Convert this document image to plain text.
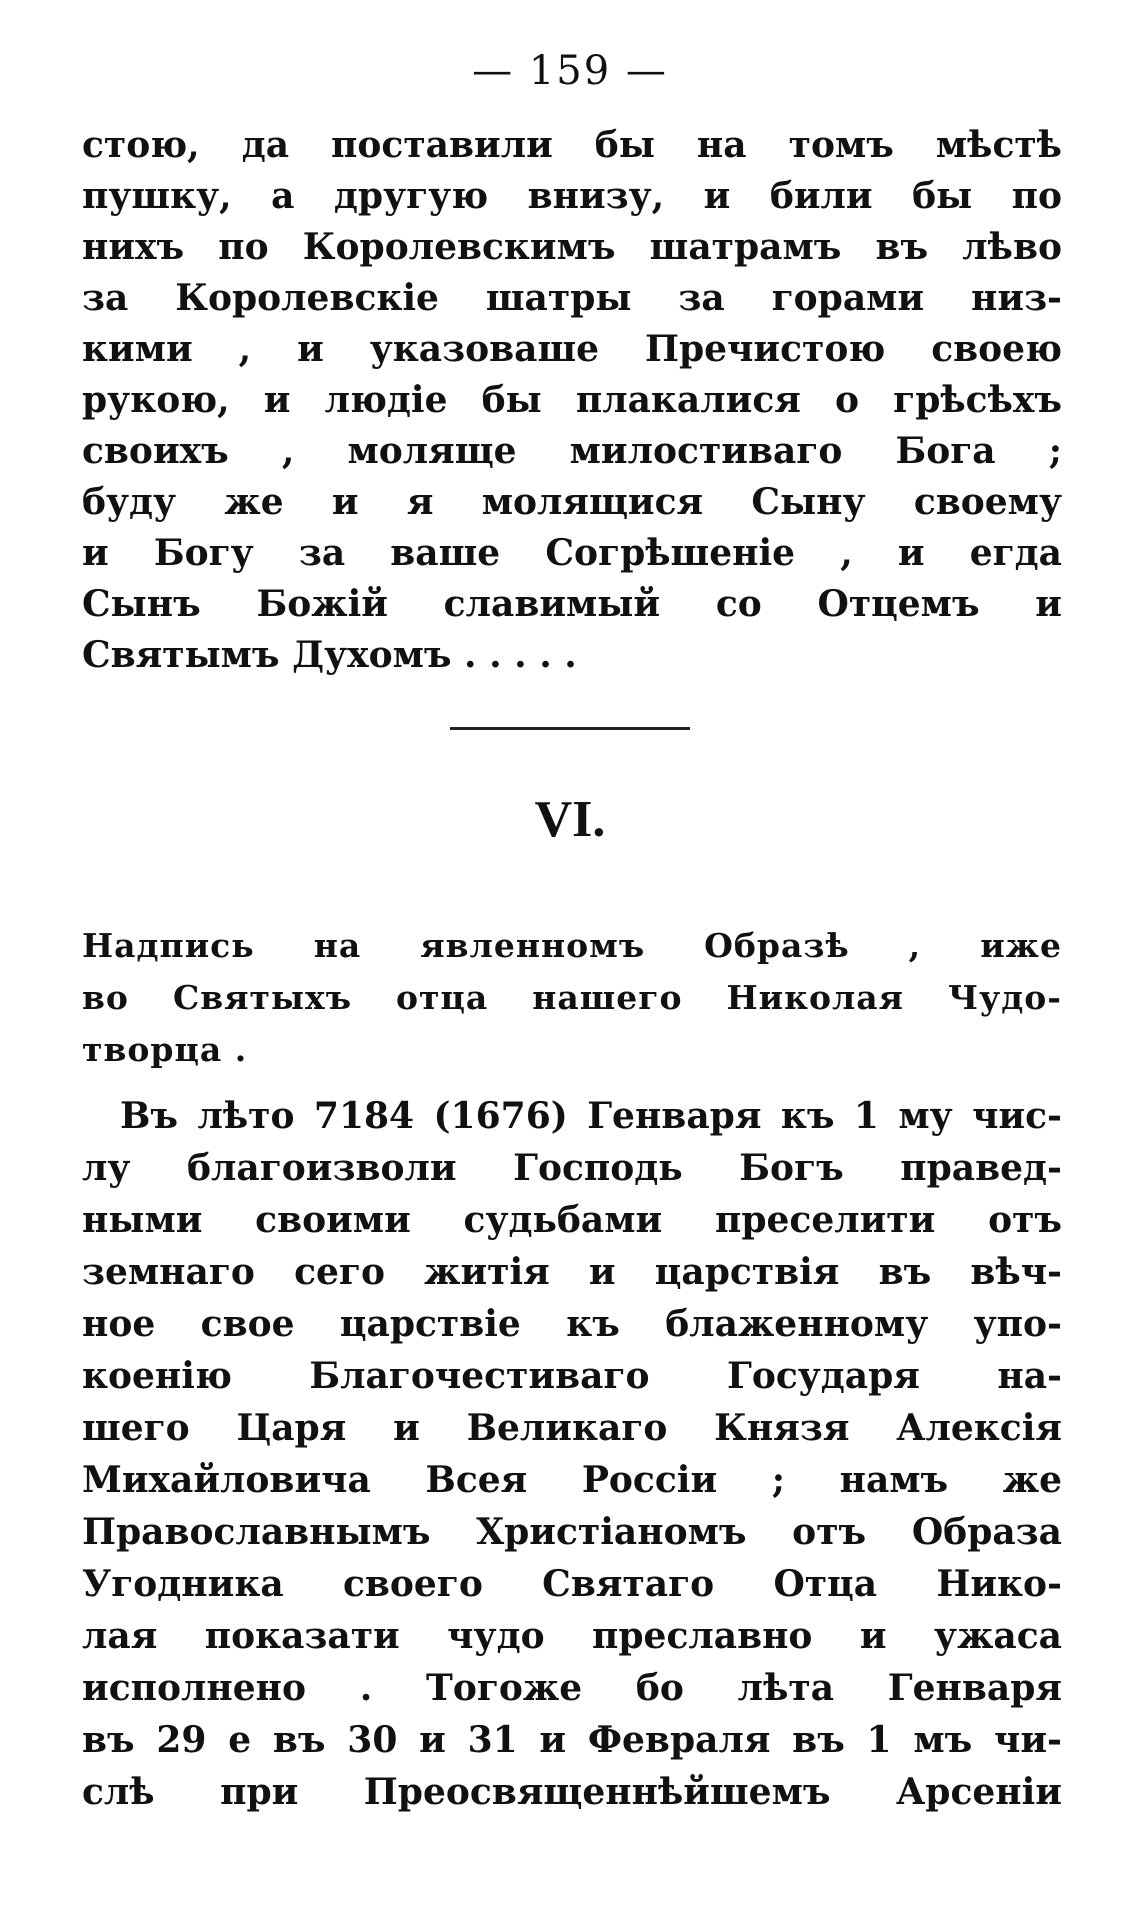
— 159 —
стою, да поставили бы на томъ мѣстѣ
пушку, а другую внизу, и били бы по
нихъ по Королевскимъ шатрамъ въ лѣво
за Королевскіе шатры за горами низ-
кими , и указоваше Пречистою своею
рукою, и людіе бы плакалися о грѣсѣхъ
своихъ , моляще милостиваго Бога ;
буду же и я молящися Сыну своему
и Богу за ваше Согрѣшеніе , и егда
Сынъ Божій славимый со Отцемъ и
Святымъ Духомъ . . . . .
VI.
Надпись на явленномъ Образѣ , иже
во Святыхъ отца нашего Николая Чудо-
творца .
Въ лѣто 7184 (1676) Генваря къ 1 му чис-
лу благоизволи Господь Богъ правед-
ными своими судьбами преселити отъ
земнаго сего житія и царствія въ вѣч-
ное свое царствіе къ блаженному упо-
коенію Благочестиваго Государя на-
шего Царя и Великаго Князя Алексія
Михайловича Всея Россіи ; намъ же
Православнымъ Христіаномъ отъ Образа
Угодника своего Святаго Отца Нико-
лая показати чудо преславно и ужаса
исполнено . Тогоже бо лѣта Генваря
въ 29 е въ 30 и 31 и Февраля въ 1 мъ чи-
слѣ при Преосвященнѣйшемъ Арсеніи
